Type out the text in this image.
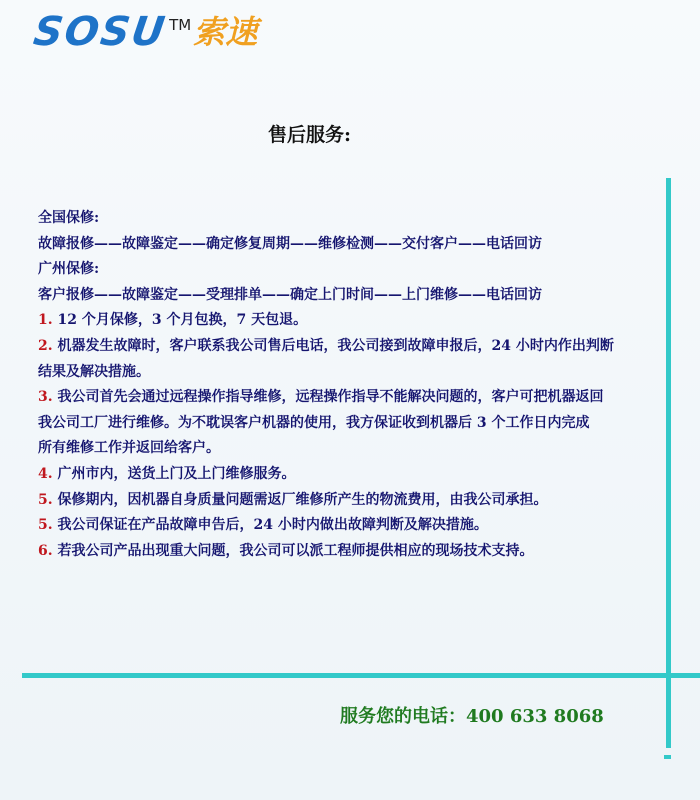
SOSU TM 索速
售后服务:
全国保修:
故障报修——故障鉴定——确定修复周期——维修检测——交付客户——电话回访
广州保修:
客户报修——故障鉴定——受理排单——确定上门时间——上门维修——电话回访
1. 12 个月保修，3 个月包换，7 天包退。
2. 机器发生故障时，客户联系我公司售后电话，我公司接到故障申报后，24 小时内作出判断
结果及解决措施。
3. 我公司首先会通过远程操作指导维修，远程操作指导不能解决问题的，客户可把机器返回
我公司工厂进行维修。为不耽误客户机器的使用，我方保证收到机器后 3 个工作日内完成
所有维修工作并返回给客户。
4. 广州市内，送货上门及上门维修服务。
5. 保修期内，因机器自身质量问题需返厂维修所产生的物流费用，由我公司承担。
5. 我公司保证在产品故障申告后，24 小时内做出故障判断及解决措施。
6. 若我公司产品出现重大问题，我公司可以派工程师提供相应的现场技术支持。
服务您的电话：400 633 8068
